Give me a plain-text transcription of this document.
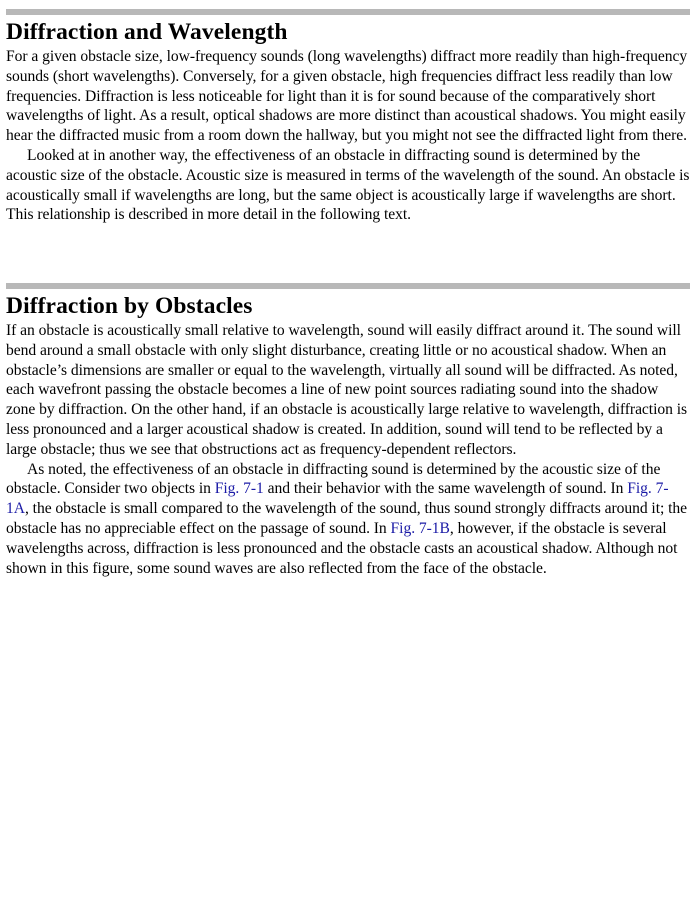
Diffraction and Wavelength

For a given obstacle size, low-frequency sounds (long wavelengths) diffract more readily than high-frequency sounds (short wavelengths). Conversely, for a given obstacle, high frequencies diffract less readily than low frequencies. Diffraction is less noticeable for light than it is for sound because of the comparatively short wavelengths of light. As a result, optical shadows are more distinct than acoustical shadows. You might easily hear the diffracted music from a room down the hallway, but you might not see the diffracted light from there.

Looked at in another way, the effectiveness of an obstacle in diffracting sound is determined by the acoustic size of the obstacle. Acoustic size is measured in terms of the wavelength of the sound. An obstacle is acoustically small if wavelengths are long, but the same object is acoustically large if wavelengths are short. This relationship is described in more detail in the following text.

Diffraction by Obstacles

If an obstacle is acoustically small relative to wavelength, sound will easily diffract around it. The sound will bend around a small obstacle with only slight disturbance, creating little or no acoustical shadow. When an obstacle’s dimensions are smaller or equal to the wavelength, virtually all sound will be diffracted. As noted, each wavefront passing the obstacle becomes a line of new point sources radiating sound into the shadow zone by diffraction. On the other hand, if an obstacle is acoustically large relative to wavelength, diffraction is less pronounced and a larger acoustical shadow is created. In addition, sound will tend to be reflected by a large obstacle; thus we see that obstructions act as frequency-dependent reflectors.

As noted, the effectiveness of an obstacle in diffracting sound is determined by the acoustic size of the obstacle. Consider two objects in Fig. 7-1 and their behavior with the same wavelength of sound. In Fig. 7-1A, the obstacle is small compared to the wavelength of the sound, thus sound strongly diffracts around it; the obstacle has no appreciable effect on the passage of sound. In Fig. 7-1B, however, if the obstacle is several wavelengths across, diffraction is less pronounced and the obstacle casts an acoustical shadow. Although not shown in this figure, some sound waves are also reflected from the face of the obstacle.
